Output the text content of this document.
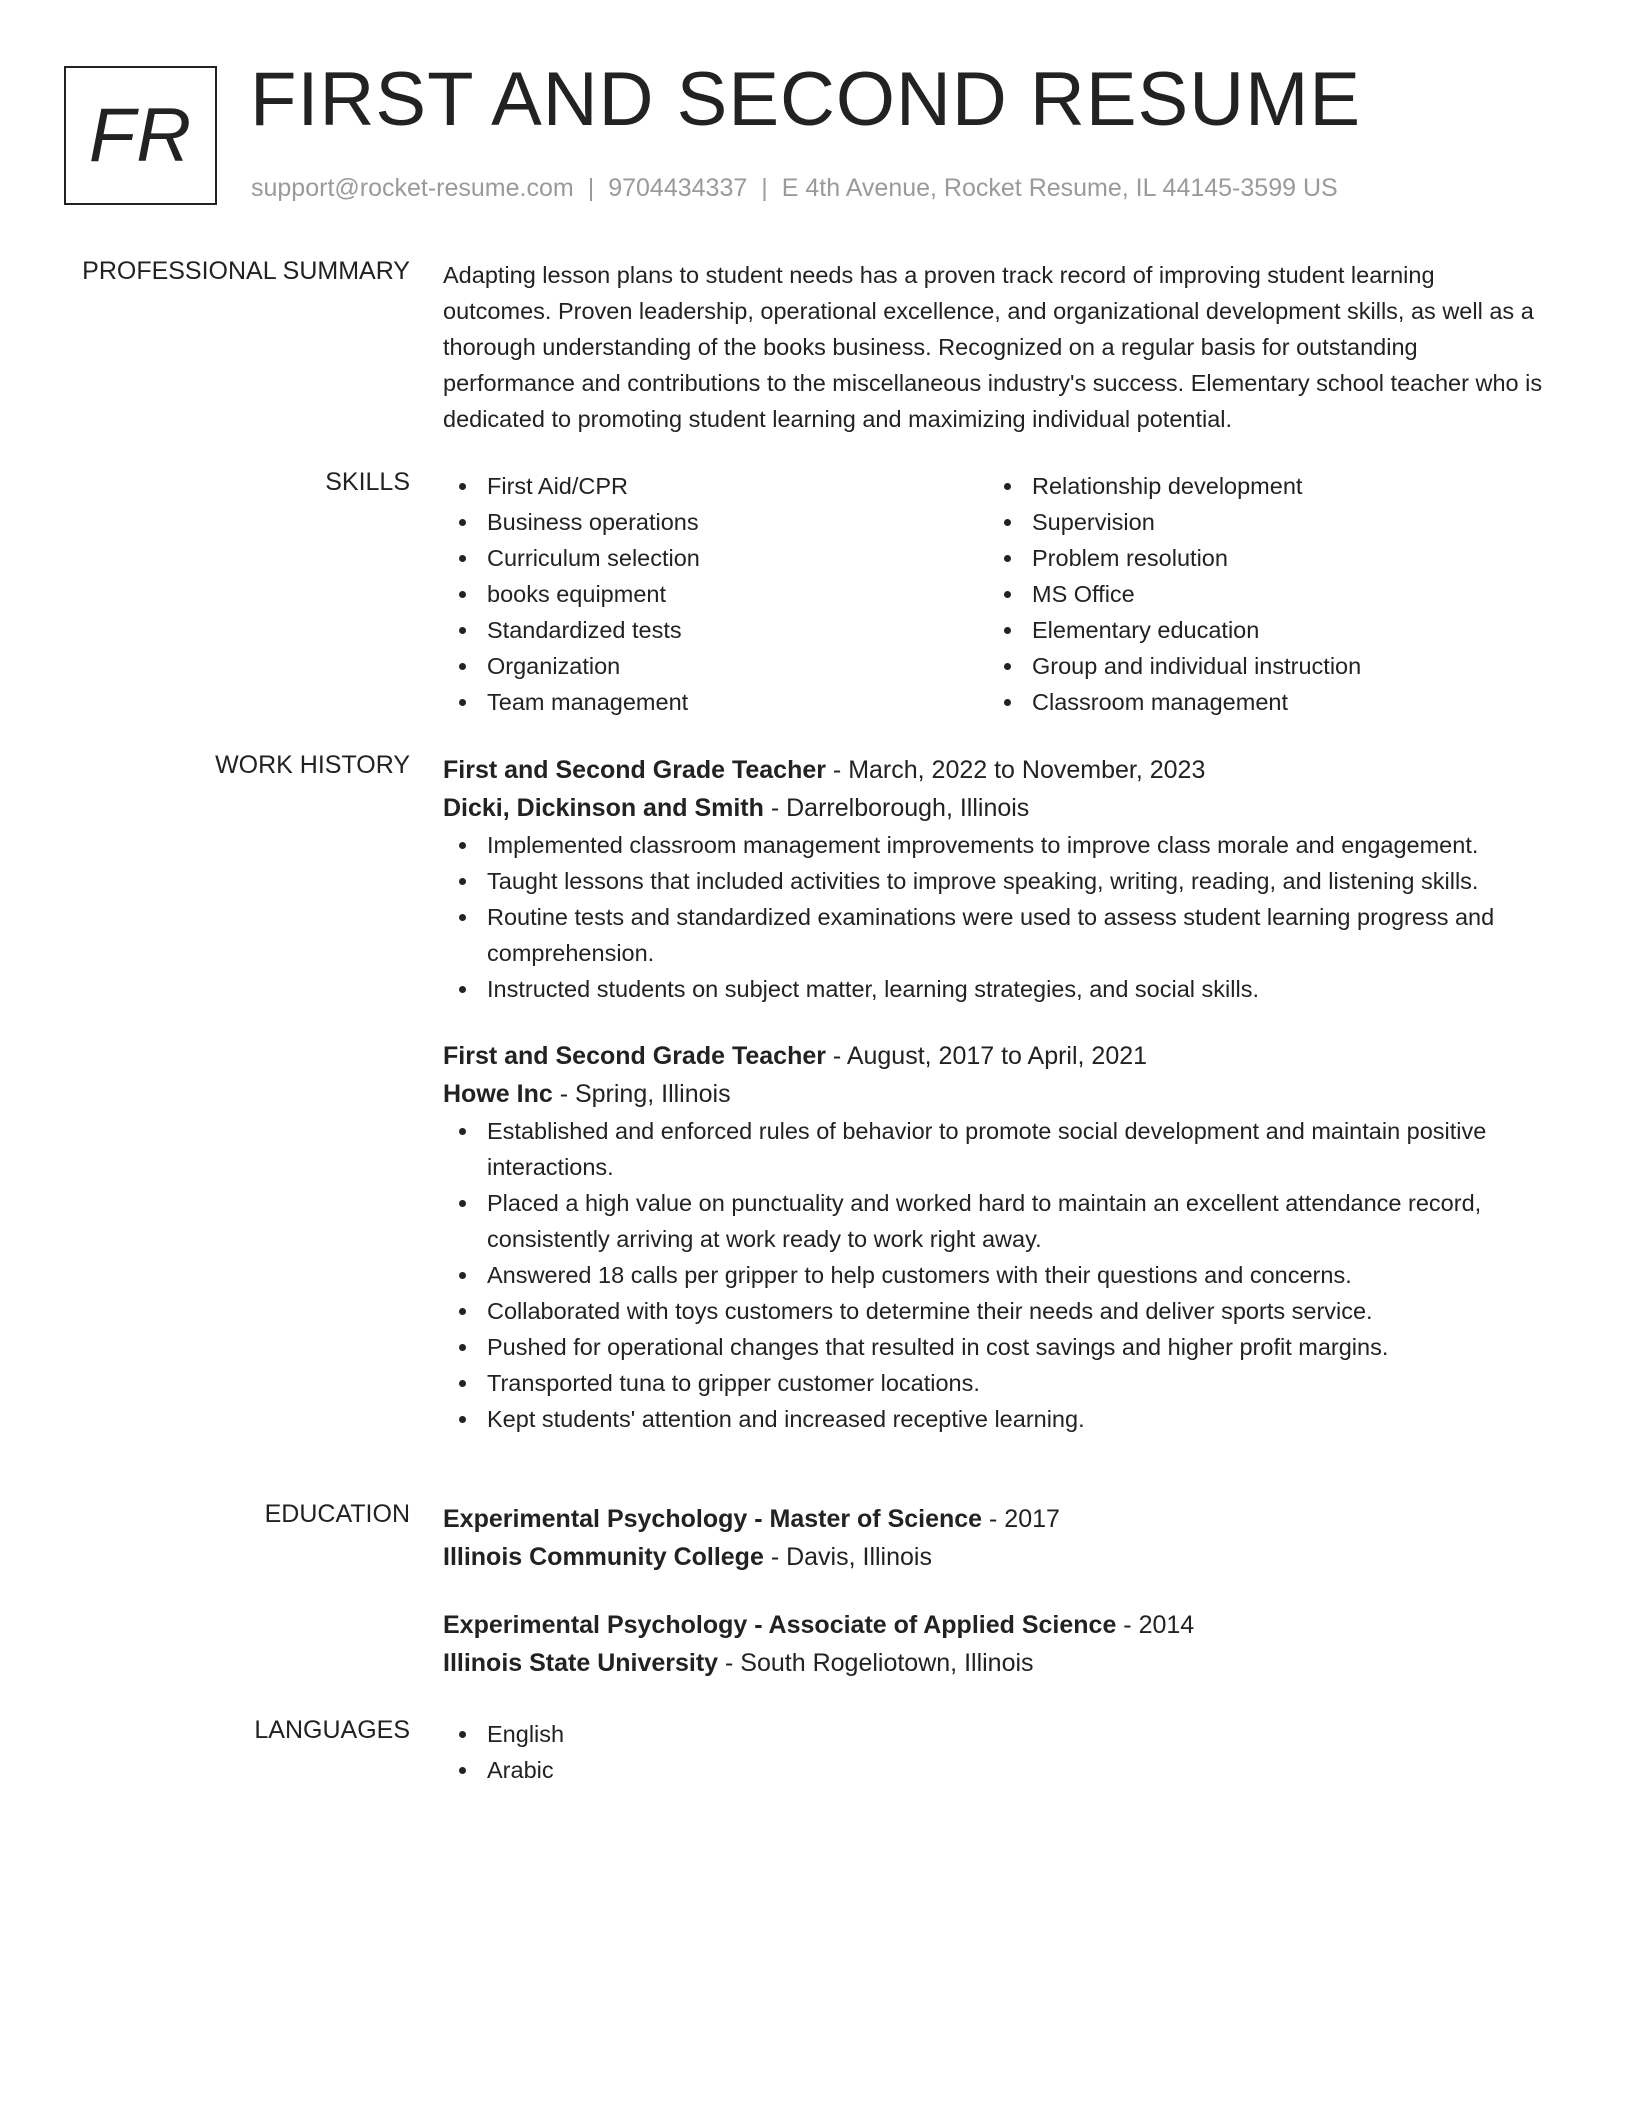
FR FIRST AND SECOND RESUME
support@rocket-resume.com | 9704434337 | E 4th Avenue, Rocket Resume, IL 44145-3599 US
PROFESSIONAL SUMMARY Adapting lesson plans to student needs has a proven track record of improving student learning outcomes. Proven leadership, operational excellence, and organizational development skills, as well as a thorough understanding of the books business. Recognized on a regular basis for outstanding performance and contributions to the miscellaneous industry's success. Elementary school teacher who is dedicated to promoting student learning and maximizing individual potential.

SKILLS	First Aid/CPR
Business operations
Curriculum selection
books equipment
Standardized tests
Organization
Team management
Relationship development
Supervision
Problem resolution
MS Office
Elementary education
Group and individual instruction
Classroom management
WORK HISTORY First and Second Grade Teacher - March, 2022 to November, 2023
Dicki, Dickinson and Smith - Darrelborough, Illinois
Implemented classroom management improvements to improve class morale and engagement.
Taught lessons that included activities to improve speaking, writing, reading, and listening skills.
Routine tests and standardized examinations were used to assess student learning progress and comprehension.
Instructed students on subject matter, learning strategies, and social skills.
First and Second Grade Teacher - August, 2017 to April, 2021
Howe Inc - Spring, Illinois
Established and enforced rules of behavior to promote social development and maintain positive interactions.
Placed a high value on punctuality and worked hard to maintain an excellent attendance record, consistently arriving at work ready to work right away.
Answered 18 calls per gripper to help customers with their questions and concerns.
Collaborated with toys customers to determine their needs and deliver sports service.
Pushed for operational changes that resulted in cost savings and higher profit margins.
Transported tuna to gripper customer locations.
Kept students' attention and increased receptive learning.
EDUCATION Experimental Psychology - Master of Science - 2017
Illinois Community College - Davis, Illinois
Experimental Psychology - Associate of Applied Science - 2014
Illinois State University - South Rogeliotown, Illinois
LANGUAGES	English
Arabic
